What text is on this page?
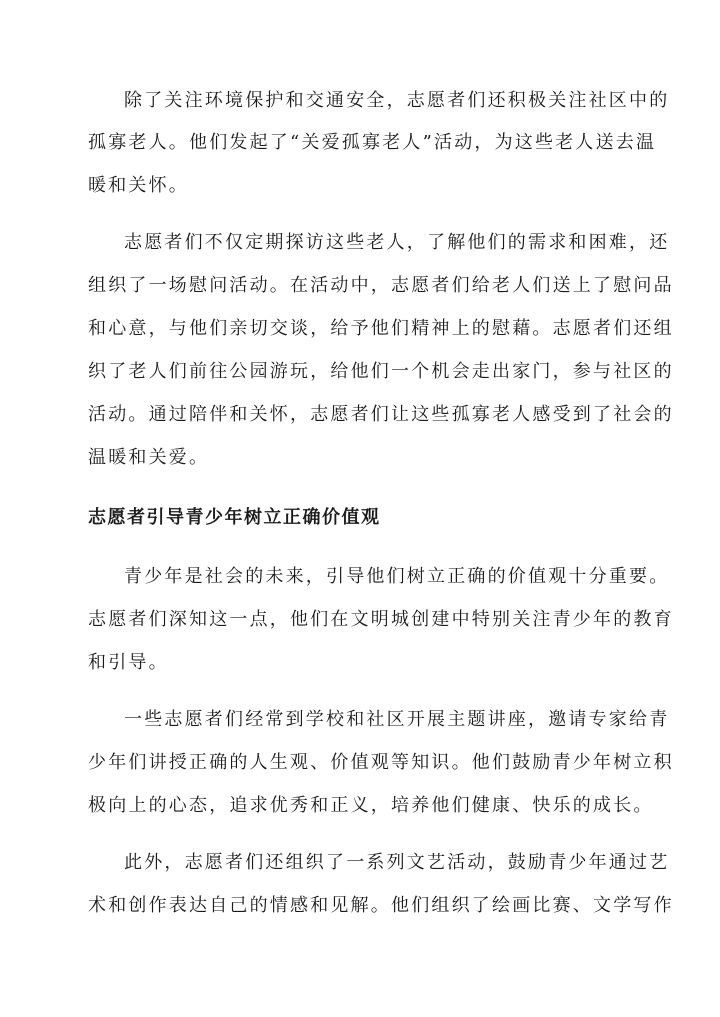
除了关注环境保护和交通安全，志愿者们还积极关注社区中的
孤寡老人。他们发起了“关爱孤寡老人”活动，为这些老人送去温
暖和关怀。
志愿者们不仅定期探访这些老人，了解他们的需求和困难，还
组织了一场慰问活动。在活动中，志愿者们给老人们送上了慰问品
和心意，与他们亲切交谈，给予他们精神上的慰藉。志愿者们还组
织了老人们前往公园游玩，给他们一个机会走出家门，参与社区的
活动。通过陪伴和关怀，志愿者们让这些孤寡老人感受到了社会的
温暖和关爱。
志愿者引导青少年树立正确价值观
青少年是社会的未来，引导他们树立正确的价值观十分重要。
志愿者们深知这一点，他们在文明城创建中特别关注青少年的教育
和引导。
一些志愿者们经常到学校和社区开展主题讲座，邀请专家给青
少年们讲授正确的人生观、价值观等知识。他们鼓励青少年树立积
极向上的心态，追求优秀和正义，培养他们健康、快乐的成长。
此外，志愿者们还组织了一系列文艺活动，鼓励青少年通过艺
术和创作表达自己的情感和见解。他们组织了绘画比赛、文学写作
